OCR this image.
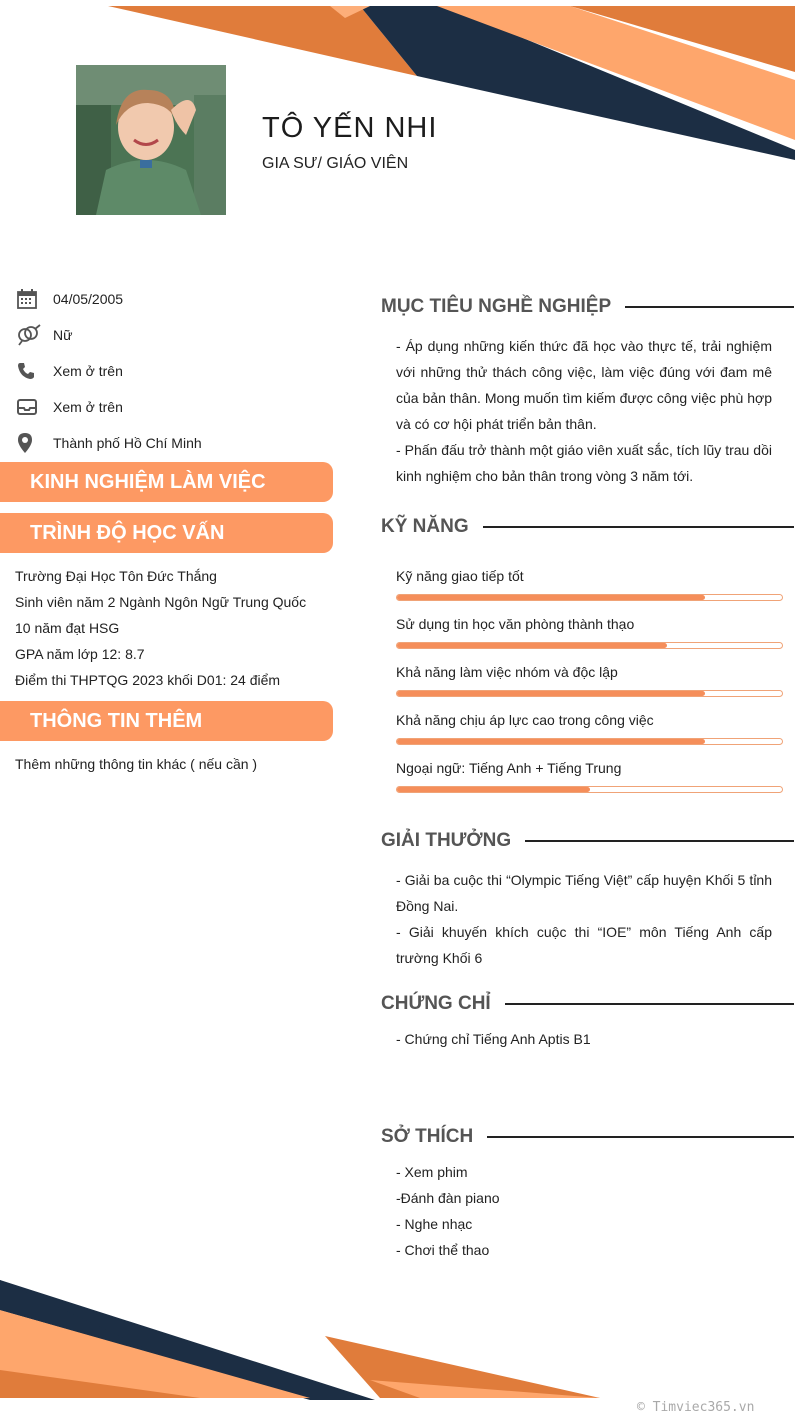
TÔ YẾN NHI
GIA SƯ/ GIÁO VIÊN
04/05/2005
Nữ
Xem ở trên
Xem ở trên
Thành phố Hồ Chí Minh
KINH NGHIỆM LÀM VIỆC
TRÌNH ĐỘ HỌC VẤN
Trường Đại Học Tôn Đức Thắng
Sinh viên năm 2 Ngành Ngôn Ngữ Trung Quốc
10 năm đạt HSG
GPA năm lớp 12: 8.7
Điểm thi THPTQG 2023 khối D01: 24 điểm
THÔNG TIN THÊM
Thêm những thông tin khác ( nếu cần )
MỤC TIÊU NGHỀ NGHIỆP
- Áp dụng những kiến thức đã học vào thực tế, trải nghiệm với những thử thách công việc, làm việc đúng với đam mê của bản thân. Mong muốn tìm kiếm được công việc phù hợp và có cơ hội phát triển bản thân.
- Phấn đấu trở thành một giáo viên xuất sắc, tích lũy trau dồi kinh nghiệm cho bản thân trong vòng 3 năm tới.
KỸ NĂNG
Kỹ năng giao tiếp tốt
Sử dụng tin học văn phòng thành thạo
Khả năng làm việc nhóm và độc lập
Khả năng chịu áp lực cao trong công việc
Ngoại ngữ: Tiếng Anh + Tiếng Trung
GIẢI THƯỞNG
- Giải ba cuộc thi “Olympic Tiếng Việt” cấp huyện Khối 5 tỉnh Đồng Nai.
- Giải khuyến khích cuộc thi “IOE” môn Tiếng Anh cấp trường Khối 6
CHỨNG CHỈ
- Chứng chỉ Tiếng Anh Aptis B1
SỞ THÍCH
- Xem phim
-Đánh đàn piano
- Nghe nhạc
- Chơi thể thao
© Timviec365.vn
